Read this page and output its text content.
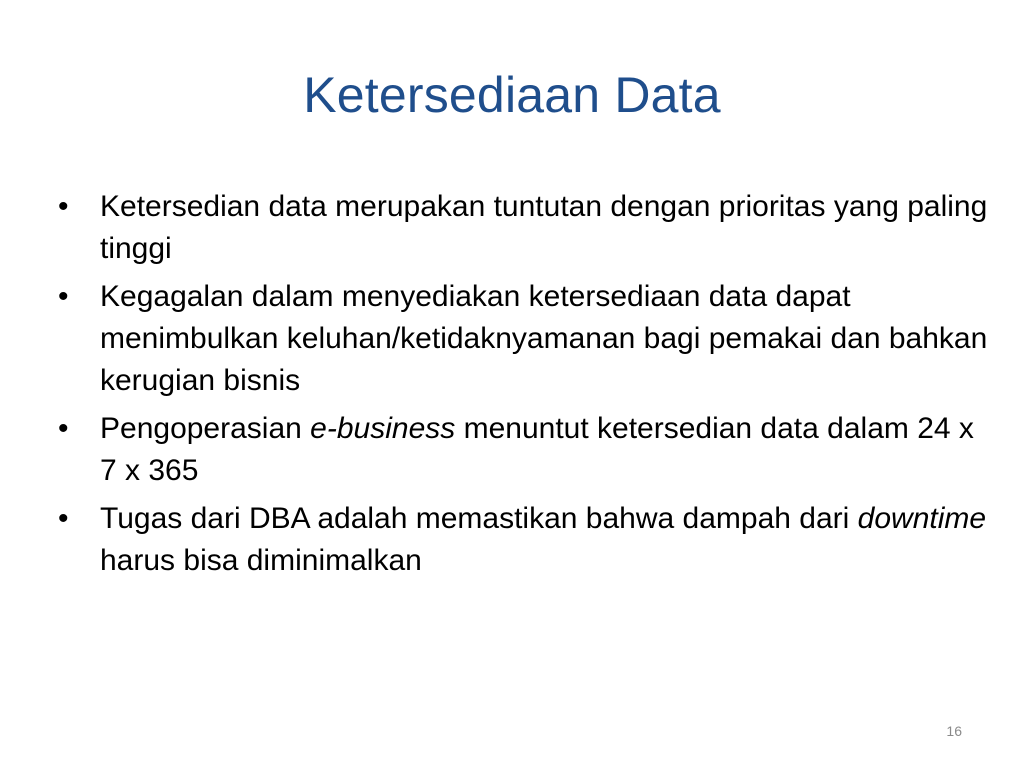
Ketersediaan Data
•	Ketersedian data merupakan tuntutan dengan prioritas yang paling tinggi
•	Kegagalan dalam menyediakan ketersediaan data dapat menimbulkan keluhan/ketidaknyamanan bagi pemakai dan bahkan kerugian bisnis
•	Pengoperasian e-business menuntut ketersedian data dalam 24 x 7 x 365
•	Tugas dari DBA adalah memastikan bahwa dampah dari downtime harus bisa diminimalkan
16
